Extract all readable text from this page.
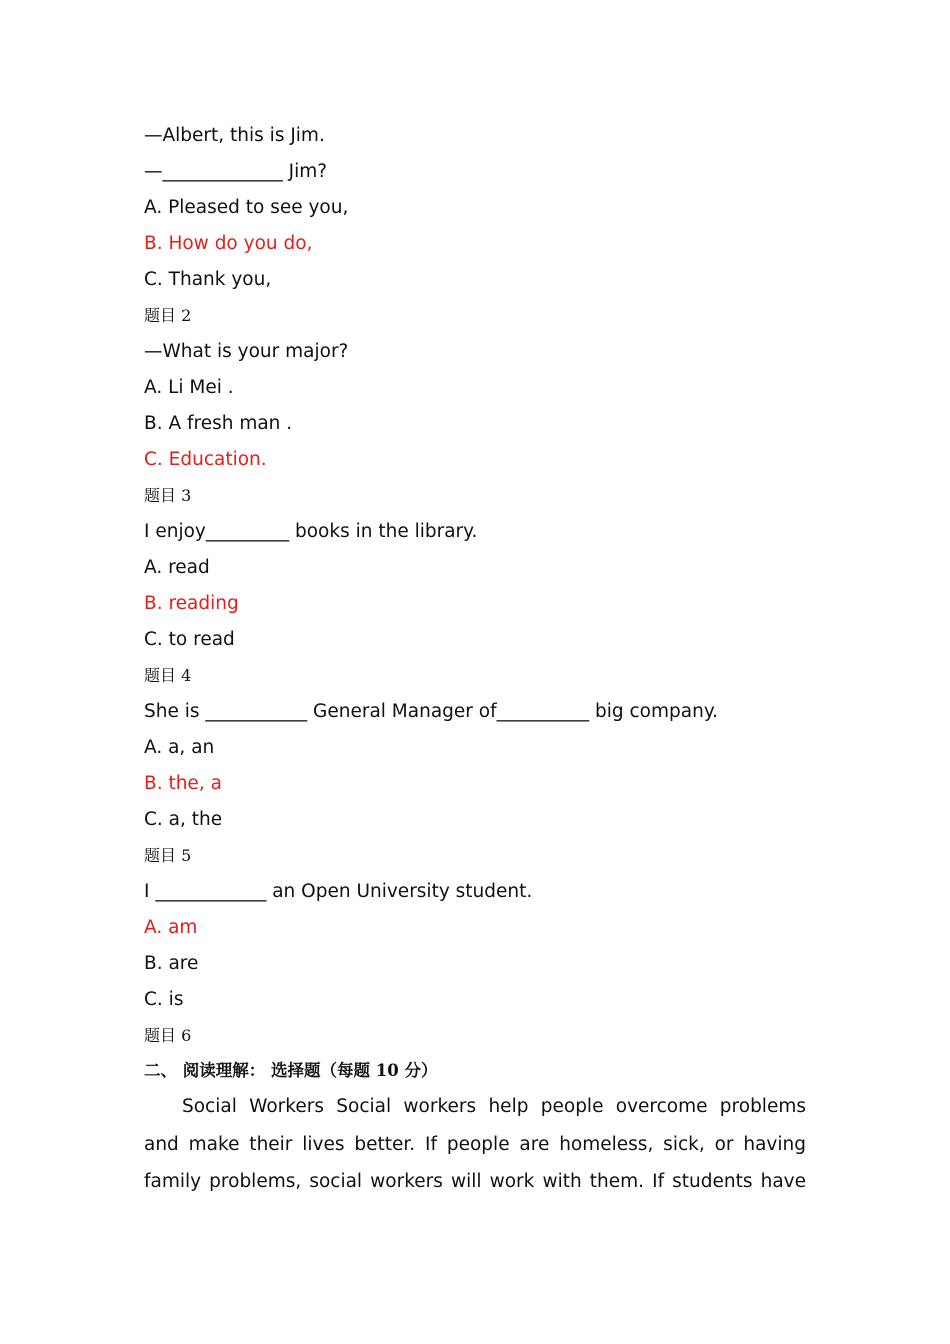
—Albert, this is Jim.
—_____________ Jim?
A. Pleased to see you,
B. How do you do,
C. Thank you,
题目 2
—What is your major?
A. Li Mei .
B. A fresh man .
C. Education.
题目 3
I enjoy_________ books in the library.
A. read
B. reading
C. to read
题目 4
She is ___________ General Manager of__________ big company.
A. a, an
B. the, a
C. a, the
题目 5
I ____________ an Open University student.
A. am
B. are
C. is
题目 6
二、 阅读理解： 选择题（每题 10 分）
Social Workers Social workers help people overcome problems
and make their lives better. If people are homeless, sick, or having
family problems, social workers will work with them. If students have
